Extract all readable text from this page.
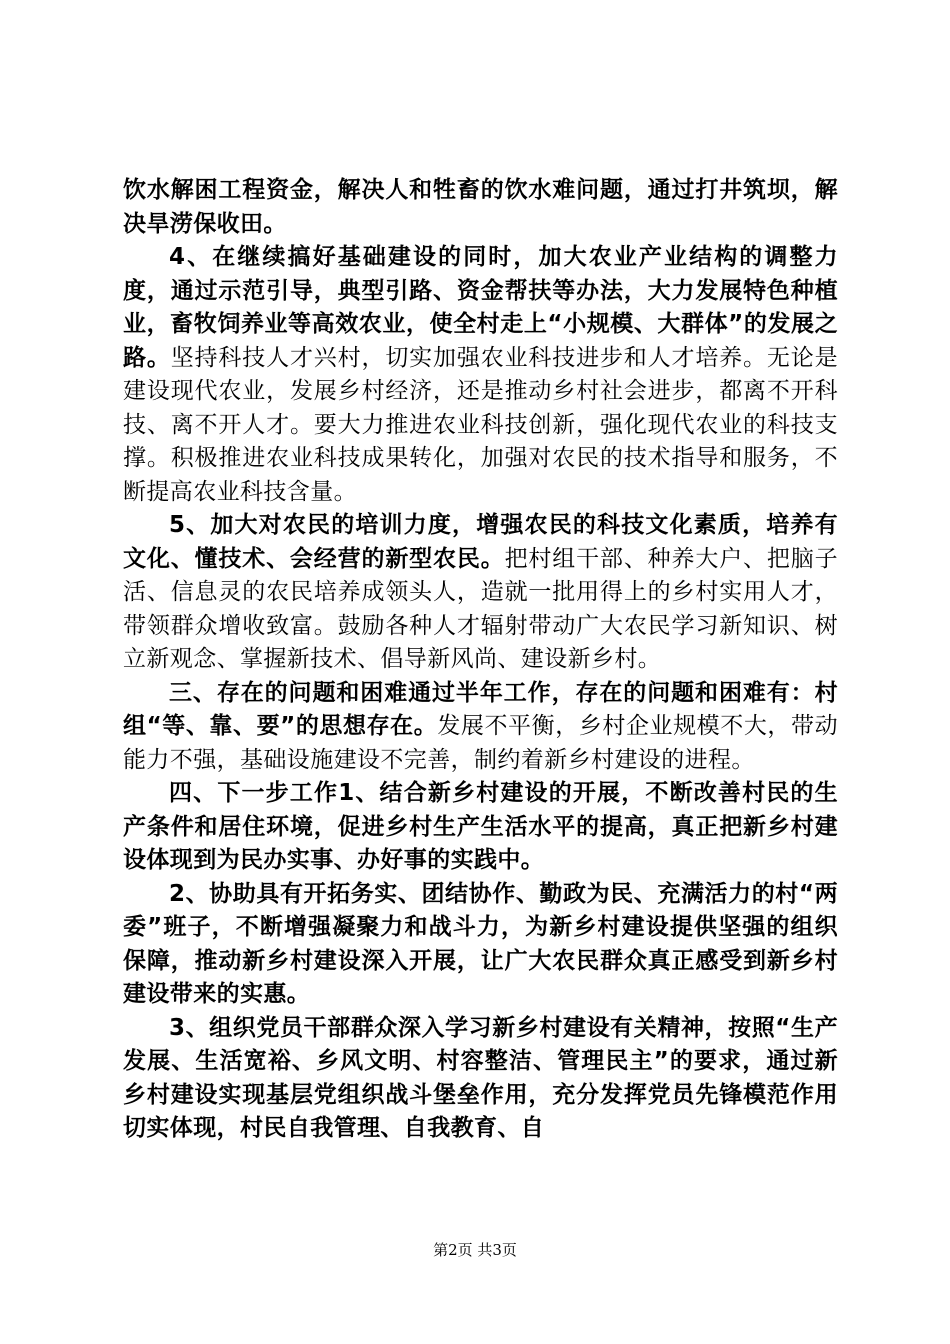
饮水解困工程资金，解决人和牲畜的饮水难问题，通过打井筑坝，解决旱涝保收田。

4、在继续搞好基础建设的同时，加大农业产业结构的调整力度，通过示范引导，典型引路、资金帮扶等办法，大力发展特色种植业，畜牧饲养业等高效农业，使全村走上“小规模、大群体”的发展之路。坚持科技人才兴村，切实加强农业科技进步和人才培养。无论是建设现代农业，发展乡村经济，还是推动乡村社会进步，都离不开科技、离不开人才。要大力推进农业科技创新，强化现代农业的科技支撑。积极推进农业科技成果转化，加强对农民的技术指导和服务，不断提高农业科技含量。

5、加大对农民的培训力度，增强农民的科技文化素质，培养有文化、懂技术、会经营的新型农民。把村组干部、种养大户、把脑子活、信息灵的农民培养成领头人，造就一批用得上的乡村实用人才，带领群众增收致富。鼓励各种人才辐射带动广大农民学习新知识、树立新观念、掌握新技术、倡导新风尚、建设新乡村。

三、存在的问题和困难通过半年工作，存在的问题和困难有：村组“等、靠、要”的思想存在。发展不平衡，乡村企业规模不大，带动能力不强，基础设施建设不完善，制约着新乡村建设的进程。

四、下一步工作1、结合新乡村建设的开展，不断改善村民的生产条件和居住环境，促进乡村生产生活水平的提高，真正把新乡村建设体现到为民办实事、办好事的实践中。

2、协助具有开拓务实、团结协作、勤政为民、充满活力的村“两委”班子，不断增强凝聚力和战斗力，为新乡村建设提供坚强的组织保障，推动新乡村建设深入开展，让广大农民群众真正感受到新乡村建设带来的实惠。

3、组织党员干部群众深入学习新乡村建设有关精神，按照“生产发展、生活宽裕、乡风文明、村容整洁、管理民主”的要求，通过新乡村建设实现基层党组织战斗堡垒作用，充分发挥党员先锋模范作用切实体现，村民自我管理、自我教育、自

第2页 共3页
